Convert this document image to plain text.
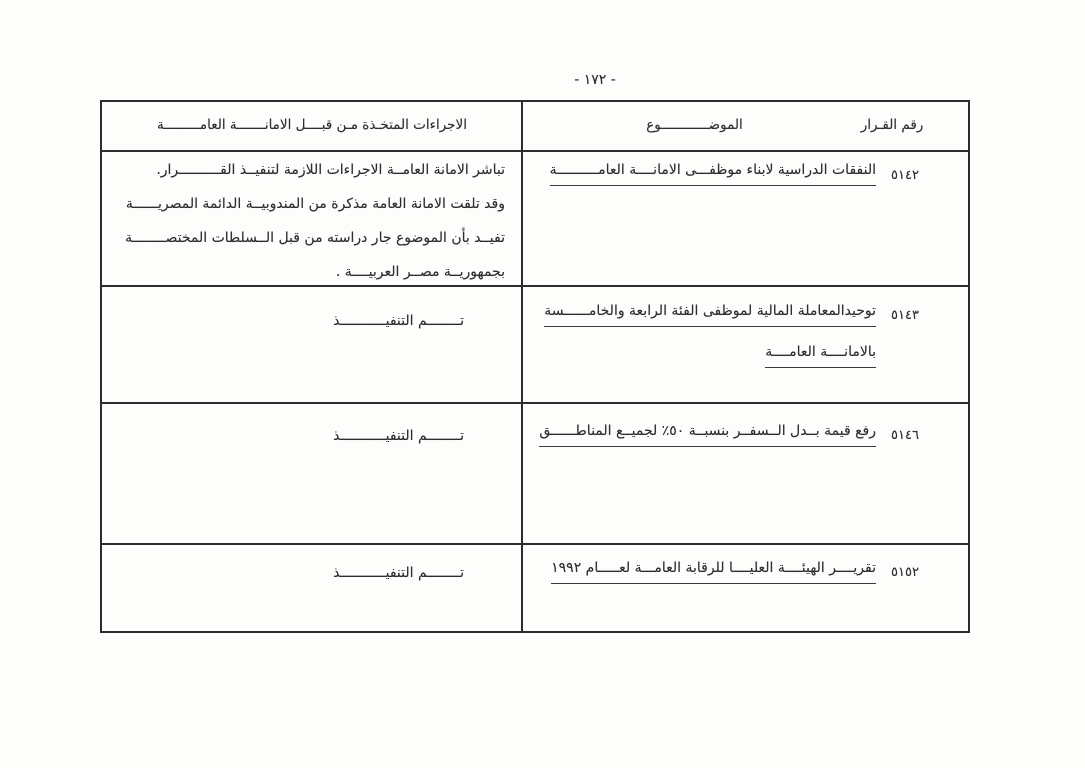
- ١٧٢ -
الاجراءات المتخـذة مـن قبــــل الامانـــــــة العامـــــــــة	الموضــــــــــــوع	رقم القـرار
٥١٤٢
النفقات الدراسية لابناء موظفـــى الامانــــة العامــــــــــة
تباشر الامانة العامــة الاجراءات اللازمة لتنفيــذ القــــــــــرار.
وقد تلقت الامانة العامة مذكرة من المندوبيــة الدائمة المصريــــــة
تفيــد بأن الموضوع جار دراسته من قبل الــسلطات المختصــــــــة
بجمهوريــة مصــر العربيــــة .
٥١٤٣
توحيدالمعاملة المالية لموظفى الفئة الرابعة والخامــــــسة
بالامانــــة العامــــة
تــــــــم التنفيـــــــــــذ
٥١٤٦
رفع قيمة بــدل الــسفــر بنسبــة ٥٠٪ لجميــع المناطــــــق
تــــــــم التنفيـــــــــــذ
٥١٥٢
تقريــــر الهيئــــة العليــــا للرقابة العامـــة لعـــــام ١٩٩٢
تــــــــم التنفيـــــــــــذ
